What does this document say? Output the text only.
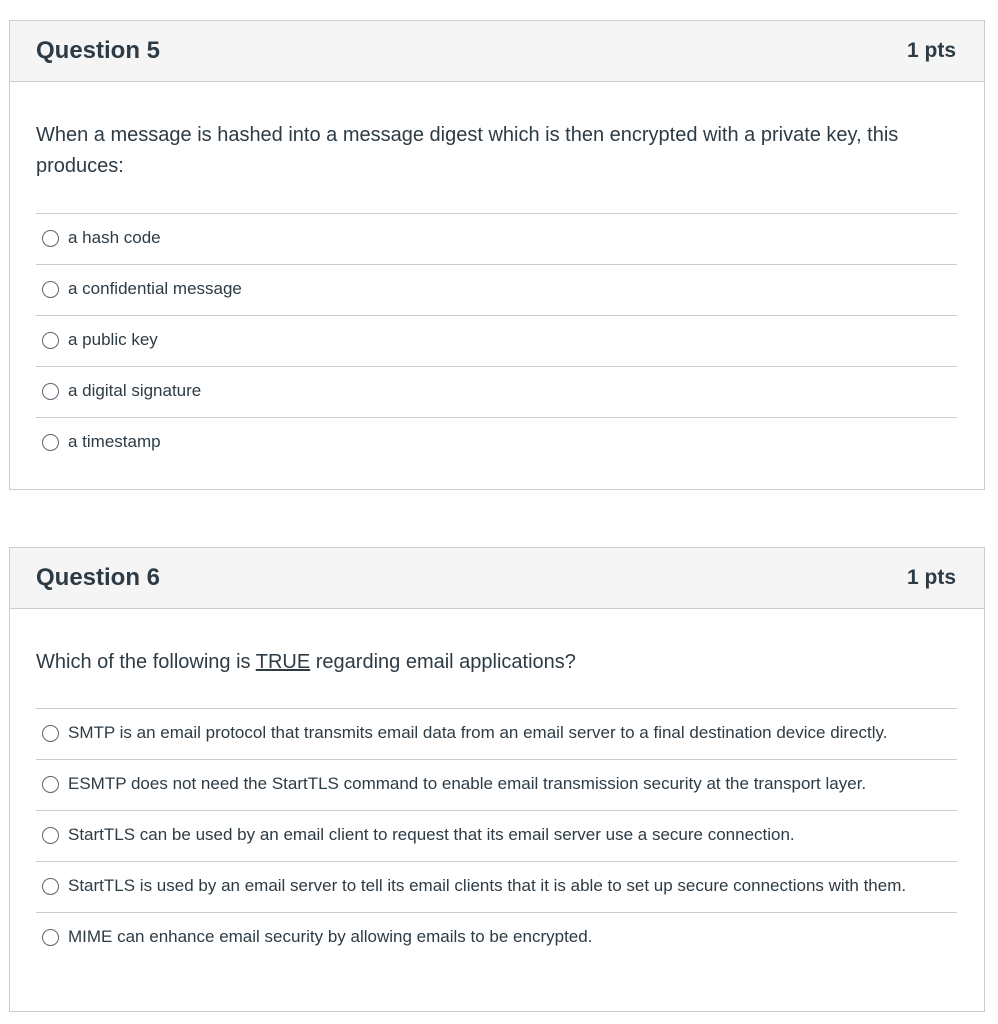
Question 5	1 pts

When a message is hashed into a message digest which is then encrypted with a private key, this produces:

a hash code
a confidential message
a public key
a digital signature
a timestamp
Question 6	1 pts

Which of the following is TRUE regarding email applications?

SMTP is an email protocol that transmits email data from an email server to a final destination device directly.
ESMTP does not need the StartTLS command to enable email transmission security at the transport layer.
StartTLS can be used by an email client to request that its email server use a secure connection.
StartTLS is used by an email server to tell its email clients that it is able to set up secure connections with them.
MIME can enhance email security by allowing emails to be encrypted.
